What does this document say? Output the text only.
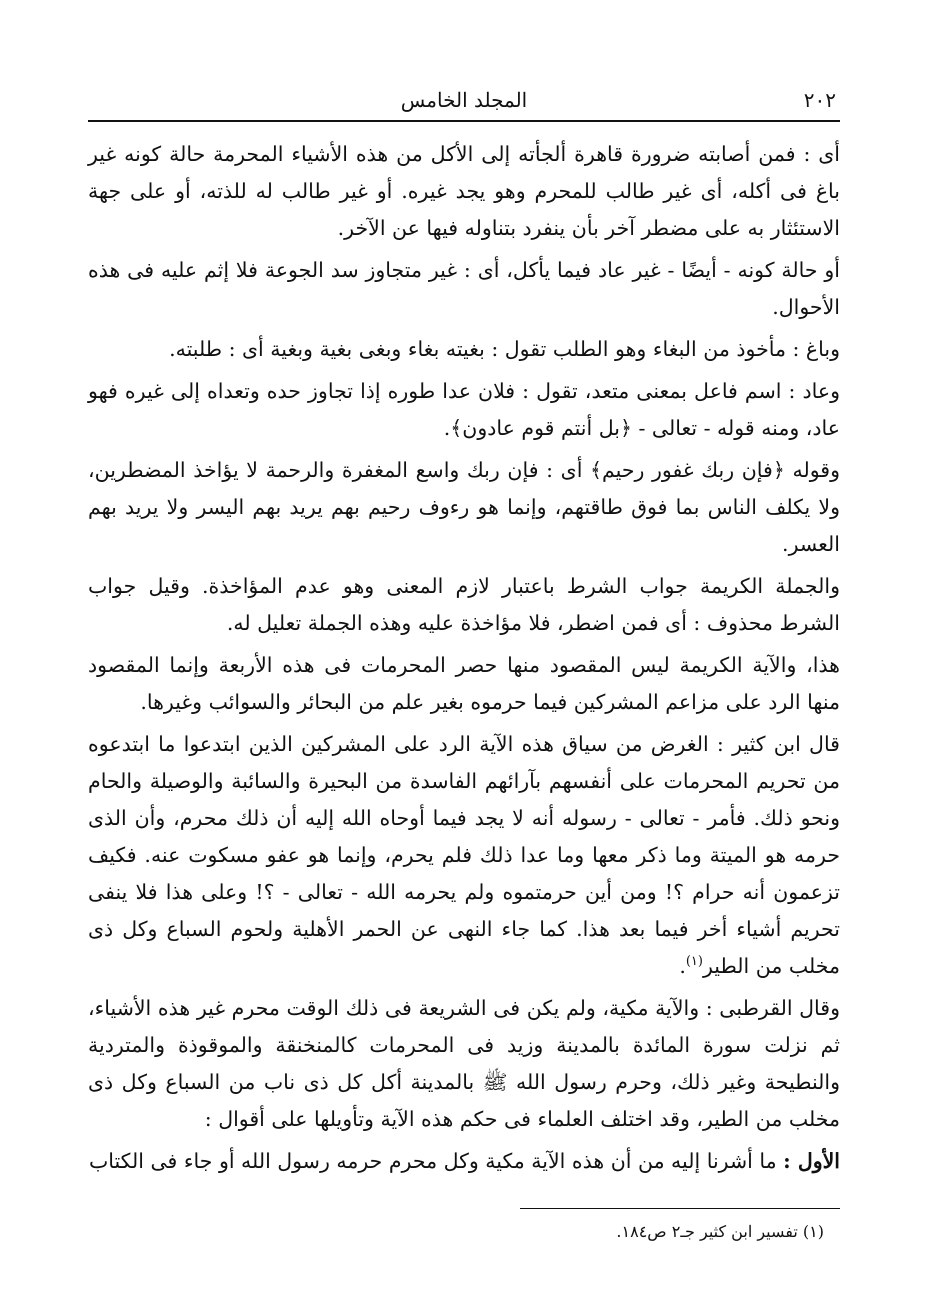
٢٠٢
المجلد الخامس

أى : فمن أصابته ضرورة قاهرة ألجأته إلى الأكل من هذه الأشياء المحرمة حالة كونه غير باغ فى أكله، أى غير طالب للمحرم وهو يجد غيره. أو غير طالب له للذته، أو على جهة الاستئثار به على مضطر آخر بأن ينفرد بتناوله فيها عن الآخر.

أو حالة كونه - أيضًا - غير عاد فيما يأكل، أى : غير متجاوز سد الجوعة فلا إثم عليه فى هذه الأحوال.

وباغ : مأخوذ من البغاء وهو الطلب تقول : بغيته بغاء وبغى بغية وبغية أى : طلبته.

وعاد : اسم فاعل بمعنى متعد، تقول : فلان عدا طوره إذا تجاوز حده وتعداه إلى غيره فهو عاد، ومنه قوله - تعالى - ﴿بل أنتم قوم عادون﴾.

وقوله ﴿فإن ربك غفور رحيم﴾ أى : فإن ربك واسع المغفرة والرحمة لا يؤاخذ المضطرين، ولا يكلف الناس بما فوق طاقتهم، وإنما هو رءوف رحيم بهم يريد بهم اليسر ولا يريد بهم العسر.

والجملة الكريمة جواب الشرط باعتبار لازم المعنى وهو عدم المؤاخذة. وقيل جواب الشرط محذوف : أى فمن اضطر، فلا مؤاخذة عليه وهذه الجملة تعليل له.

هذا، والآية الكريمة ليس المقصود منها حصر المحرمات فى هذه الأربعة وإنما المقصود منها الرد على مزاعم المشركين فيما حرموه بغير علم من البحائر والسوائب وغيرها.

قال ابن كثير : الغرض من سياق هذه الآية الرد على المشركين الذين ابتدعوا ما ابتدعوه من تحريم المحرمات على أنفسهم بآرائهم الفاسدة من البحيرة والسائبة والوصيلة والحام ونحو ذلك. فأمر - تعالى - رسوله أنه لا يجد فيما أوحاه الله إليه أن ذلك محرم، وأن الذى حرمه هو الميتة وما ذكر معها وما عدا ذلك فلم يحرم، وإنما هو عفو مسكوت عنه. فكيف تزعمون أنه حرام ؟! ومن أين حرمتموه ولم يحرمه الله - تعالى - ؟! وعلى هذا فلا ينفى تحريم أشياء أخر فيما بعد هذا. كما جاء النهى عن الحمر الأهلية ولحوم السباع وكل ذى مخلب من الطير$^{(١)}$.

وقال القرطبى : والآية مكية، ولم يكن فى الشريعة فى ذلك الوقت محرم غير هذه الأشياء، ثم نزلت سورة المائدة بالمدينة وزيد فى المحرمات كالمنخنقة والموقوذة والمتردية والنطيحة وغير ذلك، وحرم رسول الله ﷺ بالمدينة أكل كل ذى ناب من السباع وكل ذى مخلب من الطير، وقد اختلف العلماء فى حكم هذه الآية وتأويلها على أقوال :

الأول : ما أشرنا إليه من أن هذه الآية مكية وكل محرم حرمه رسول الله أو جاء فى الكتاب

(١) تفسير ابن كثير جـ٢ ص١٨٤.
